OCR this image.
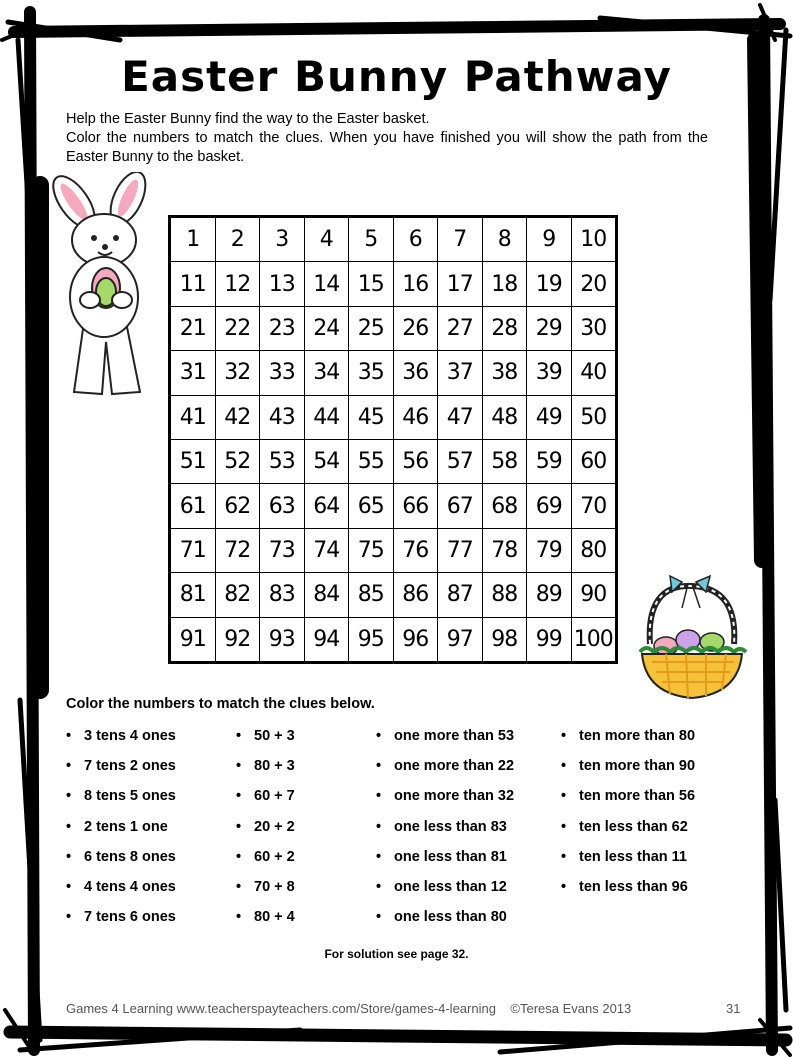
Easter Bunny Pathway

Help the Easter Bunny find the way to the Easter basket.

Color the numbers to match the clues. When you have finished you will show the path from the Easter Bunny to the basket.

1	2	3	4	5	6	7	8	9	10
11	12	13	14	15	16	17	18	19	20
21	22	23	24	25	26	27	28	29	30
31	32	33	34	35	36	37	38	39	40
41	42	43	44	45	46	47	48	49	50
51	52	53	54	55	56	57	58	59	60
61	62	63	64	65	66	67	68	69	70
71	72	73	74	75	76	77	78	79	80
81	82	83	84	85	86	87	88	89	90
91	92	93	94	95	96	97	98	99	100
Color the numbers to match the clues below.
• 3 tens 4 ones
• 7 tens 2 ones
• 8 tens 5 ones
• 2 tens 1 one
• 6 tens 8 ones
• 4 tens 4 ones
• 7 tens 6 ones
• 50 + 3
• 80 + 3
• 60 + 7
• 20 + 2
• 60 + 2
• 70 + 8
• 80 + 4
• one more than 53
• one more than 22
• one more than 32
• one less than 83
• one less than 81
• one less than 12
• one less than 80
• ten more than 80
• ten more than 90
• ten more than 56
• ten less than 62
• ten less than 11
• ten less than 96
For solution see page 32.
Games 4 Learning www.teacherspayteachers.com/Store/games-4-learning    ©Teresa Evans 2013	31
